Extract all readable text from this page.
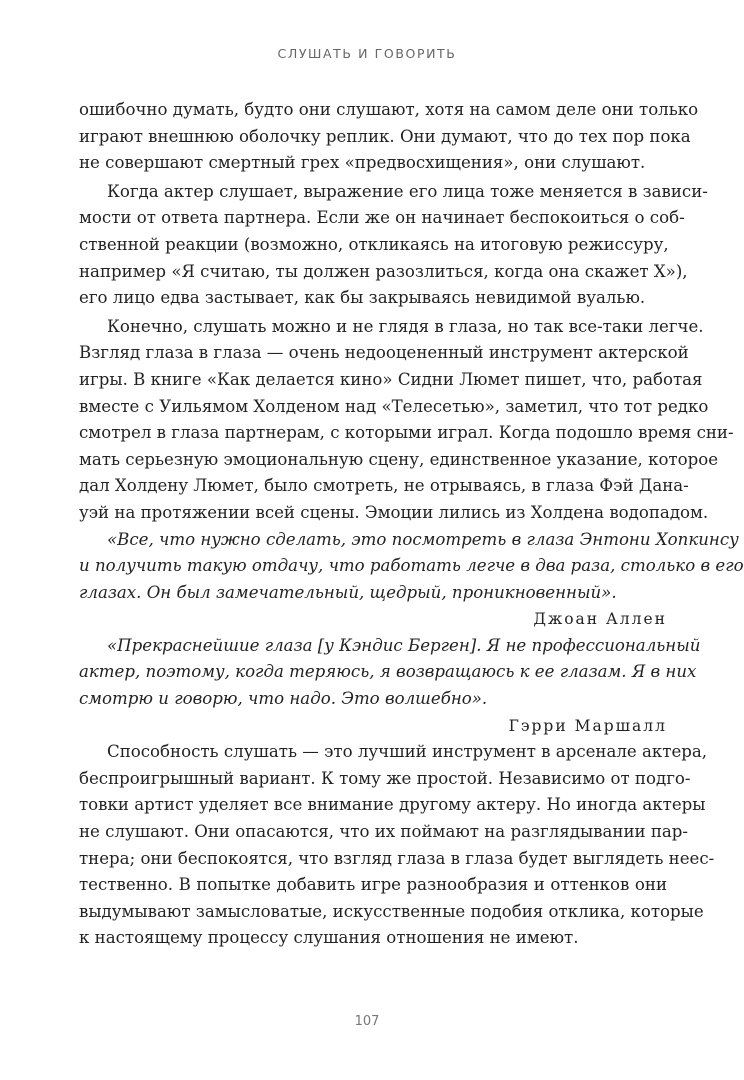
СЛУШАТЬ И ГОВОРИТЬ
ошибочно думать, будто они слушают, хотя на самом деле они только
играют внешнюю оболочку реплик. Они думают, что до тех пор пока
не совершают смертный грех «предвосхищения», они слушают.
Когда актер слушает, выражение его лица тоже меняется в зависи-
мости от ответа партнера. Если же он начинает беспокоиться о соб-
ственной реакции (возможно, откликаясь на итоговую режиссуру,
например «Я считаю, ты должен разозлиться, когда она скажет X»),
его лицо едва застывает, как бы закрываясь невидимой вуалью.
Конечно, слушать можно и не глядя в глаза, но так все-таки легче.
Взгляд глаза в глаза — очень недооцененный инструмент актерской
игры. В книге «Как делается кино» Сидни Люмет пишет, что, работая
вместе с Уильямом Холденом над «Телесетью», заметил, что тот редко
смотрел в глаза партнерам, с которыми играл. Когда подошло время сни-
мать серьезную эмоциональную сцену, единственное указание, которое
дал Холдену Люмет, было смотреть, не отрываясь, в глаза Фэй Дана-
уэй на протяжении всей сцены. Эмоции лились из Холдена водопадом.
«Все, что нужно сделать, это посмотреть в глаза Энтони Хопкинсу
и получить такую отдачу, что работать легче в два раза, столько в его
глазах. Он был замечательный, щедрый, проникновенный».
Джоан Аллен
«Прекраснейшие глаза [у Кэндис Берген]. Я не профессиональный
актер, поэтому, когда теряюсь, я возвращаюсь к ее глазам. Я в них
смотрю и говорю, что надо. Это волшебно».
Гэрри Маршалл
Способность слушать — это лучший инструмент в арсенале актера,
беспроигрышный вариант. К тому же простой. Независимо от подго-
товки артист уделяет все внимание другому актеру. Но иногда актеры
не слушают. Они опасаются, что их поймают на разглядывании пар-
тнера; они беспокоятся, что взгляд глаза в глаза будет выглядеть неес-
тественно. В попытке добавить игре разнообразия и оттенков они
выдумывают замысловатые, искусственные подобия отклика, которые
к настоящему процессу слушания отношения не имеют.
107
